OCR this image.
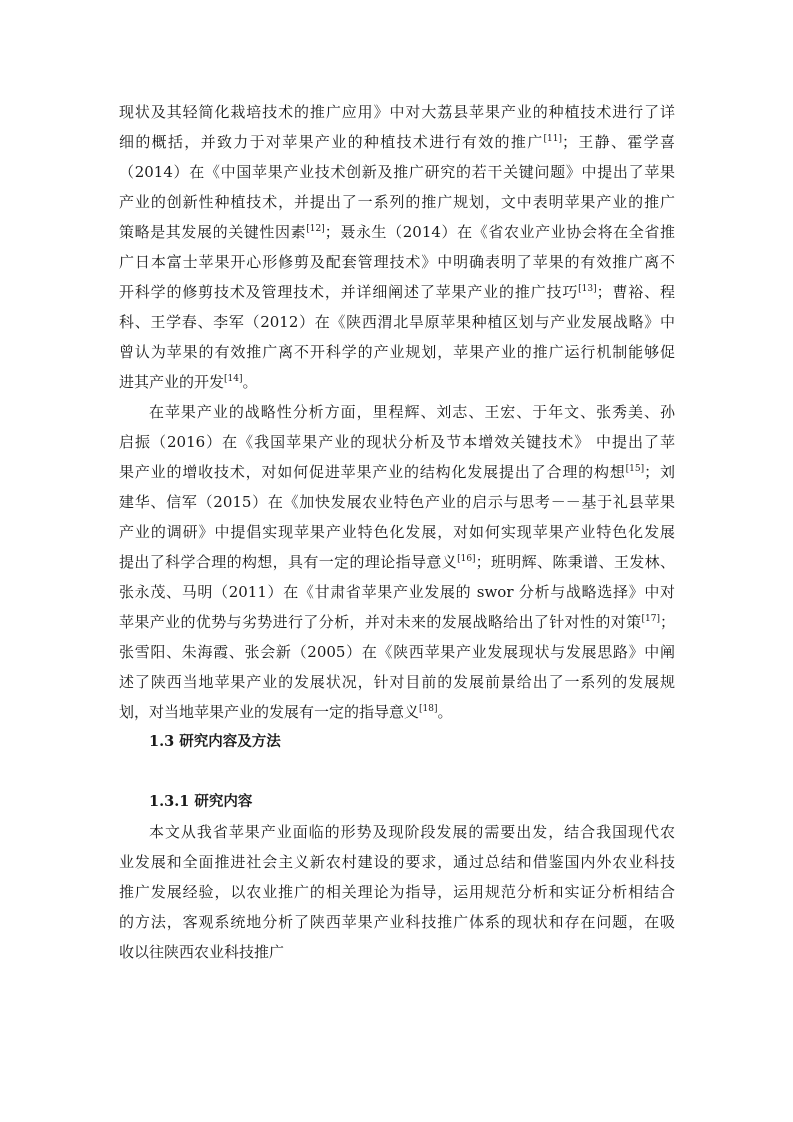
现状及其轻简化栽培技术的推广应用》中对大荔县苹果产业的种植技术进行了详
细的概括，并致力于对苹果产业的种植技术进行有效的推广[11]；王静、霍学喜
（2014）在《中国苹果产业技术创新及推广研究的若干关键问题》中提出了苹果
产业的创新性种植技术，并提出了一系列的推广规划，文中表明苹果产业的推广
策略是其发展的关键性因素[12]；聂永生（2014）在《省农业产业协会将在全省推
广日本富士苹果开心形修剪及配套管理技术》中明确表明了苹果的有效推广离不
开科学的修剪技术及管理技术，并详细阐述了苹果产业的推广技巧[13]；曹裕、程
科、王学春、李军（2012）在《陕西渭北旱原苹果种植区划与产业发展战略》中
曾认为苹果的有效推广离不开科学的产业规划，苹果产业的推广运行机制能够促
进其产业的开发[14]。
在苹果产业的战略性分析方面，里程辉、刘志、王宏、于年文、张秀美、孙
启振（2016）在《我国苹果产业的现状分析及节本增效关键技术》 中提出了苹
果产业的增收技术，对如何促进苹果产业的结构化发展提出了合理的构想[15]；刘
建华、信军（2015）在《加快发展农业特色产业的启示与思考－－基于礼县苹果
产业的调研》中提倡实现苹果产业特色化发展，对如何实现苹果产业特色化发展
提出了科学合理的构想，具有一定的理论指导意义[16]；班明辉、陈秉谱、王发林、
张永茂、马明（2011）在《甘肃省苹果产业发展的 swor 分析与战略选择》中对
苹果产业的优势与劣势进行了分析，并对未来的发展战略给出了针对性的对策[17]；
张雪阳、朱海霞、张会新（2005）在《陕西苹果产业发展现状与发展思路》中阐
述了陕西当地苹果产业的发展状况，针对目前的发展前景给出了一系列的发展规
划，对当地苹果产业的发展有一定的指导意义[18]。
1.3 研究内容及方法
1.3.1 研究内容
本文从我省苹果产业面临的形势及现阶段发展的需要出发，结合我国现代农
业发展和全面推进社会主义新农村建设的要求，通过总结和借鉴国内外农业科技
推广发展经验，以农业推广的相关理论为指导，运用规范分析和实证分析相结合
的方法，客观系统地分析了陕西苹果产业科技推广体系的现状和存在问题，在吸
收以往陕西农业科技推广
